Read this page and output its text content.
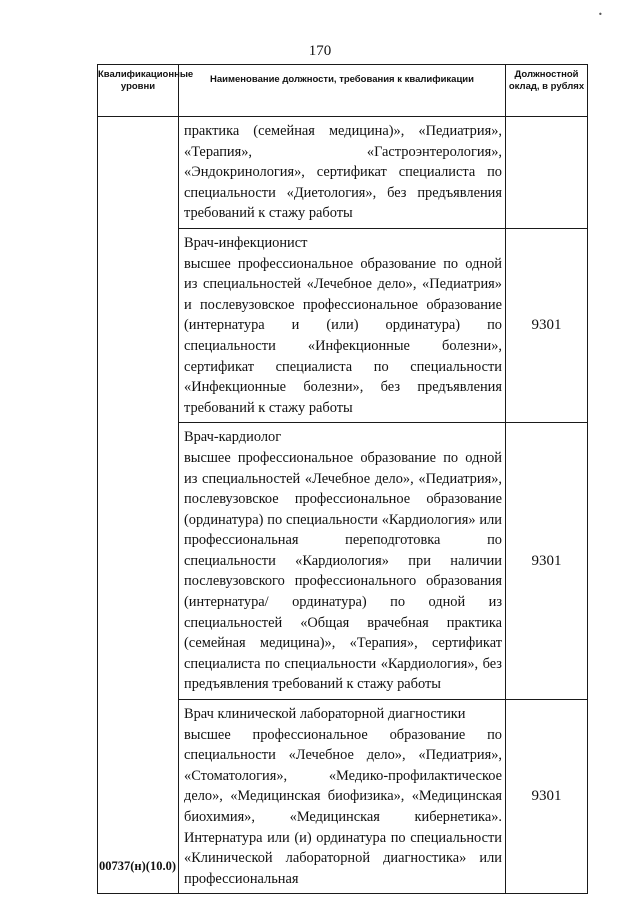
•
170
Квалификационные уровни	Наименование должности, требования к квалификации	Должностной оклад, в рублях

	практика (семейная медицина)», «Педиатрия», «Терапия», «Гастроэнтерология», «Эндокринология», сертификат специалиста по специальности «Диетология», без предъявления требований к стажу работы	

	Врач-инфекционист
высшее профессиональное образование по одной из специальностей «Лечебное дело», «Педиатрия» и послевузовское профессиональное образование (интернатура и (или) ординатура) по специальности «Инфекционные болезни», сертификат специалиста по специальности «Инфекционные болезни», без предъявления требований к стажу работы	9301

	Врач-кардиолог
высшее профессиональное образование по одной из специальностей «Лечебное дело», «Педиатрия», послевузовское профессиональное образование (ординатура) по специальности «Кардиология» или профессиональная переподготовка по специальности «Кардиология» при наличии послевузовского профессионального образования (интернатура/ ординатура) по одной из специальностей «Общая врачебная практика (семейная медицина)», «Терапия», сертификат специалиста по специальности «Кардиология», без предъявления требований к стажу работы	9301

	Врач клинической лабораторной диагностики
высшее профессиональное образование по специальности «Лечебное дело», «Педиатрия», «Стоматология», «Медико-профилактическое дело», «Медицинская биофизика», «Медицинская биохимия», «Медицинская кибернетика». Интернатура или (и) ординатура по специальности «Клинической лабораторной диагностика» или профессиональная	9301
00737(н)(10.0)
